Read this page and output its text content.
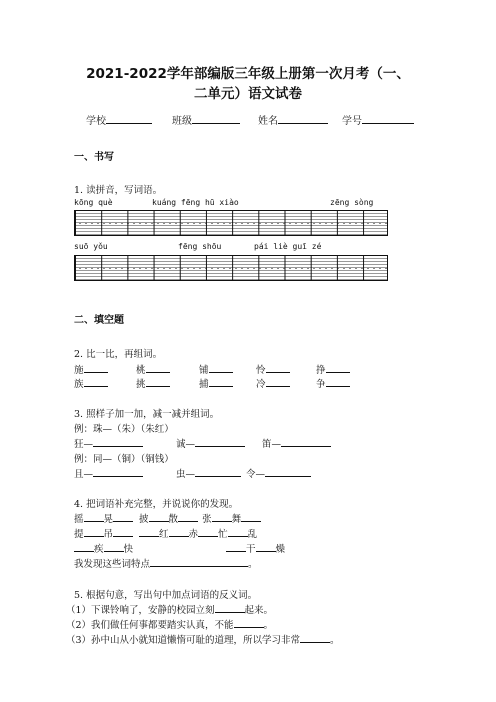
2021-2022学年部编版三年级上册第一次月考（一、
二单元）语文试卷
学校	班级	姓名	学号
一、书写
1. 读拼音，写词语。
kōng què	kuáng fēng hū xiào	zēng sòng
suō yǒu	fēng shōu	pái liè guī zé
二、填空题
2. 比一比，再组词。
施	桃	铺	怜	挣
族	挑	捕	冷	争
3. 照样子加一加，减一减并组词。
例：珠—（朱）（朱红）
狂—	诚—	笛—
例：同—（铜）（铜钱）
且—	虫—	令—
4. 把词语补充完整，并说说你的发现。
摇 晃	披 散	张 舞
提 吊	红 赤 忙 乱
疾 快	干 燥
我发现这些词特点	。
5. 根据句意，写出句中加点词语的反义词。
（1）下课铃响了，安静的校园立刻	起来。
（2）我们做任何事都要踏实认真，不能	。
（3）孙中山从小就知道懒惰可耻的道理，所以学习非常	。
